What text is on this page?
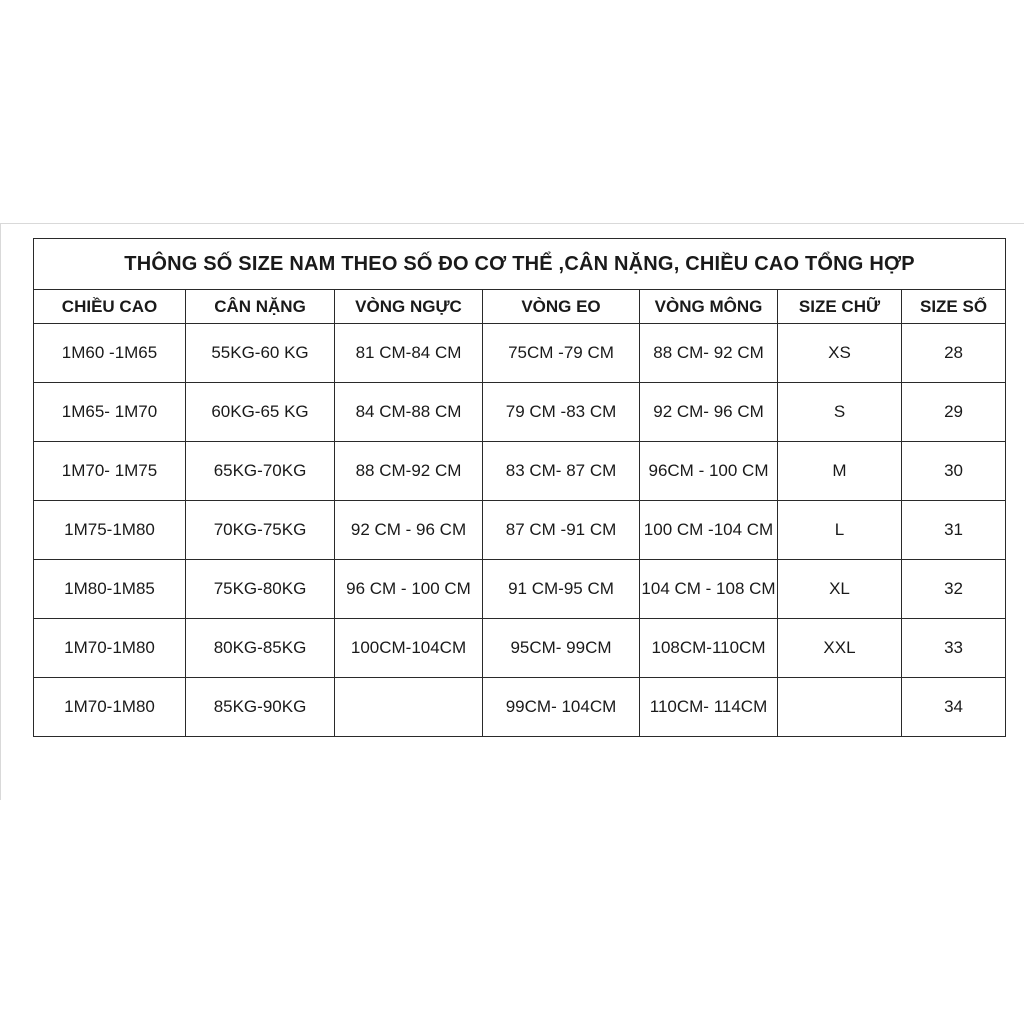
THÔNG SỐ SIZE NAM THEO SỐ ĐO CƠ THỂ ,CÂN NẶNG, CHIỀU CAO TỔNG HỢP						
CHIỀU CAO	CÂN NẶNG	VÒNG NGỰC	VÒNG EO	VÒNG MÔNG	SIZE CHỮ	SIZE SỐ
1M60 -1M65	55KG-60 KG	81 CM-84 CM	75CM -79 CM	88 CM- 92 CM	XS	28
1M65- 1M70	60KG-65 KG	84 CM-88 CM	79 CM -83 CM	92 CM- 96 CM	S	29
1M70- 1M75	65KG-70KG	88 CM-92 CM	83 CM- 87 CM	96CM - 100 CM	M	30
1M75-1M80	70KG-75KG	92 CM - 96 CM	87 CM -91 CM	100 CM -104 CM	L	31
1M80-1M85	75KG-80KG	96 CM - 100 CM	91 CM-95 CM	104 CM - 108 CM	XL	32
1M70-1M80	80KG-85KG	100CM-104CM	95CM- 99CM	108CM-110CM	XXL	33
1M70-1M80	85KG-90KG		99CM- 104CM	110CM- 114CM		34
